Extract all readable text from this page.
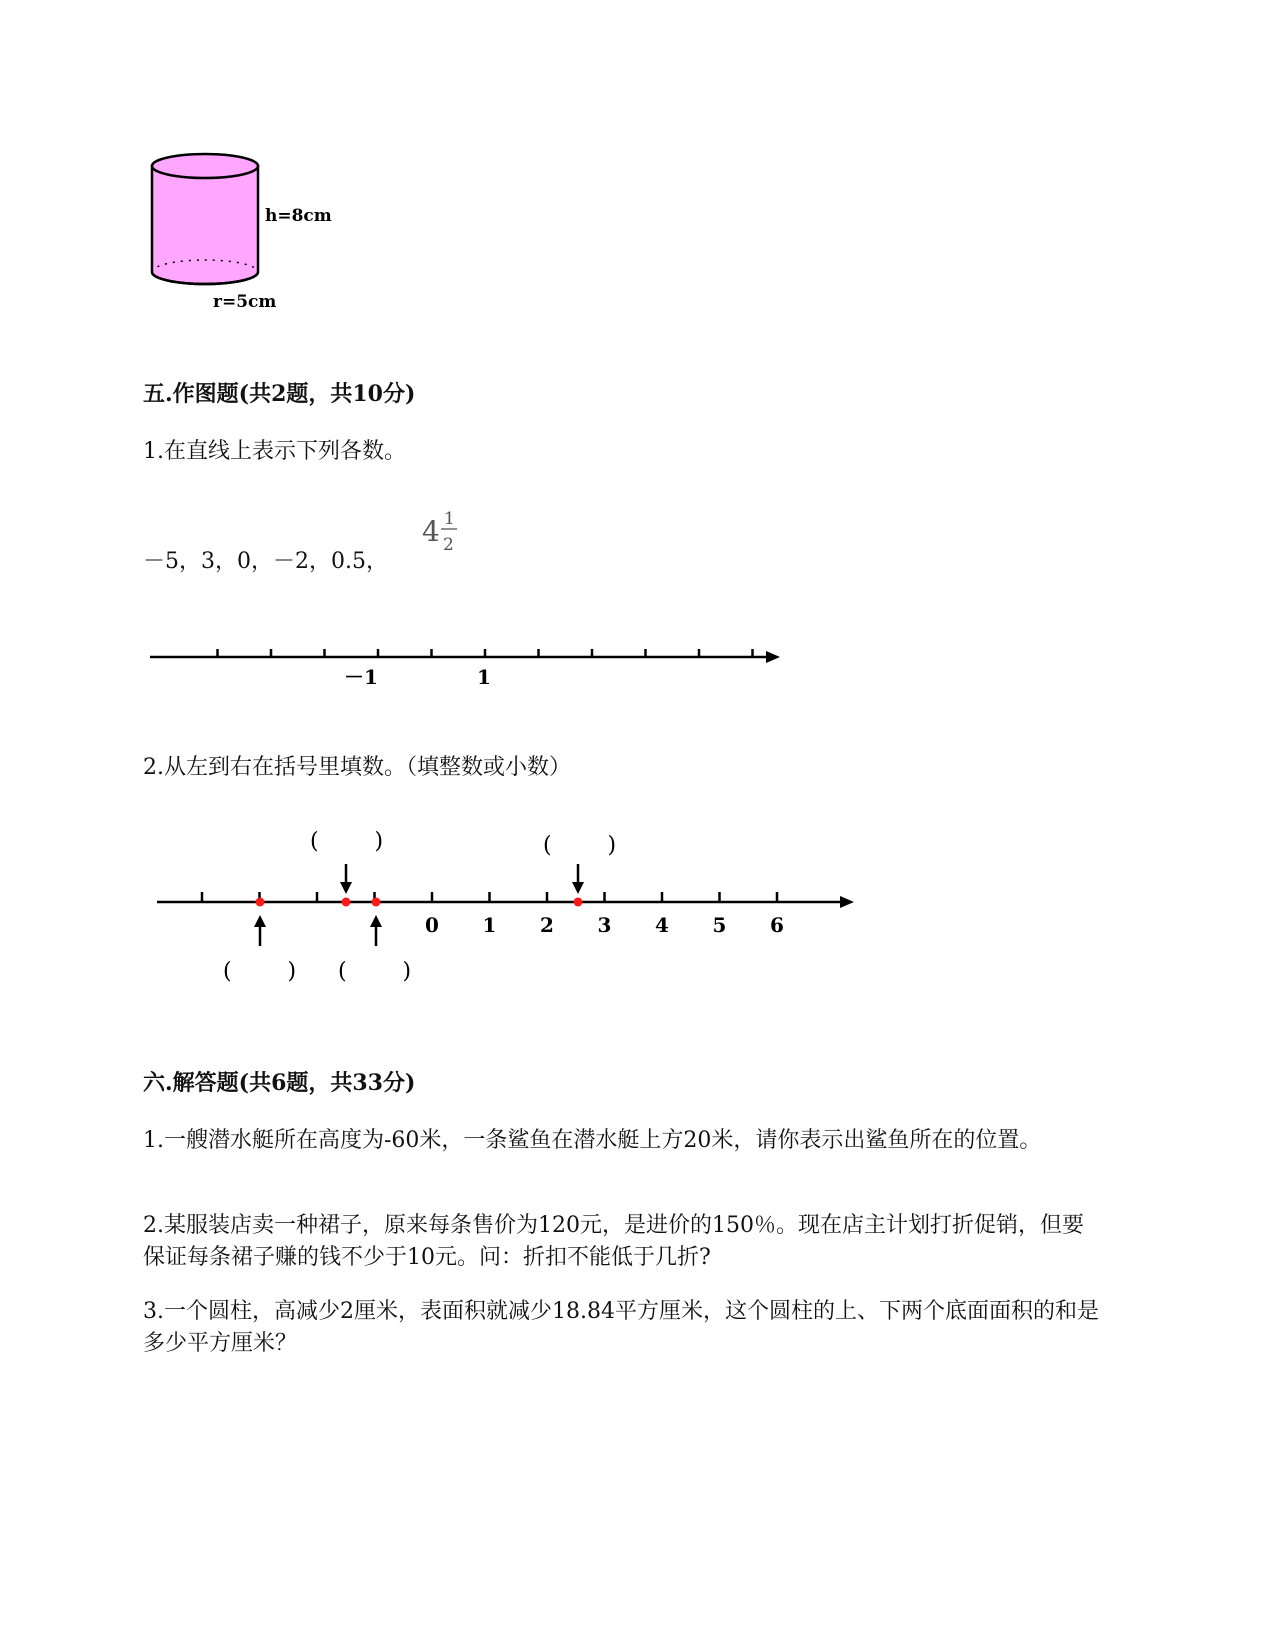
h=8cm
r=5cm
五.作图题(共2题，共10分)
1.在直线上表示下列各数。
－5，3，0，－2，0.5，
4 1
2
－1	1
2.从左到右在括号里填数。（填整数或小数）
0 1 2 3 4 5 6
(        )	(        )
(        ) (        )
六.解答题(共6题，共33分)
1.一艘潜水艇所在高度为-60米，一条鲨鱼在潜水艇上方20米，请你表示出鲨鱼所在的位置。
2.某服装店卖一种裙子，原来每条售价为120元，是进价的150％。现在店主计划打折促销，但要保证每条裙子赚的钱不少于10元。问：折扣不能低于几折?
3.一个圆柱，高减少2厘米，表面积就减少18.84平方厘米，这个圆柱的上、下两个底面面积的和是多少平方厘米？
